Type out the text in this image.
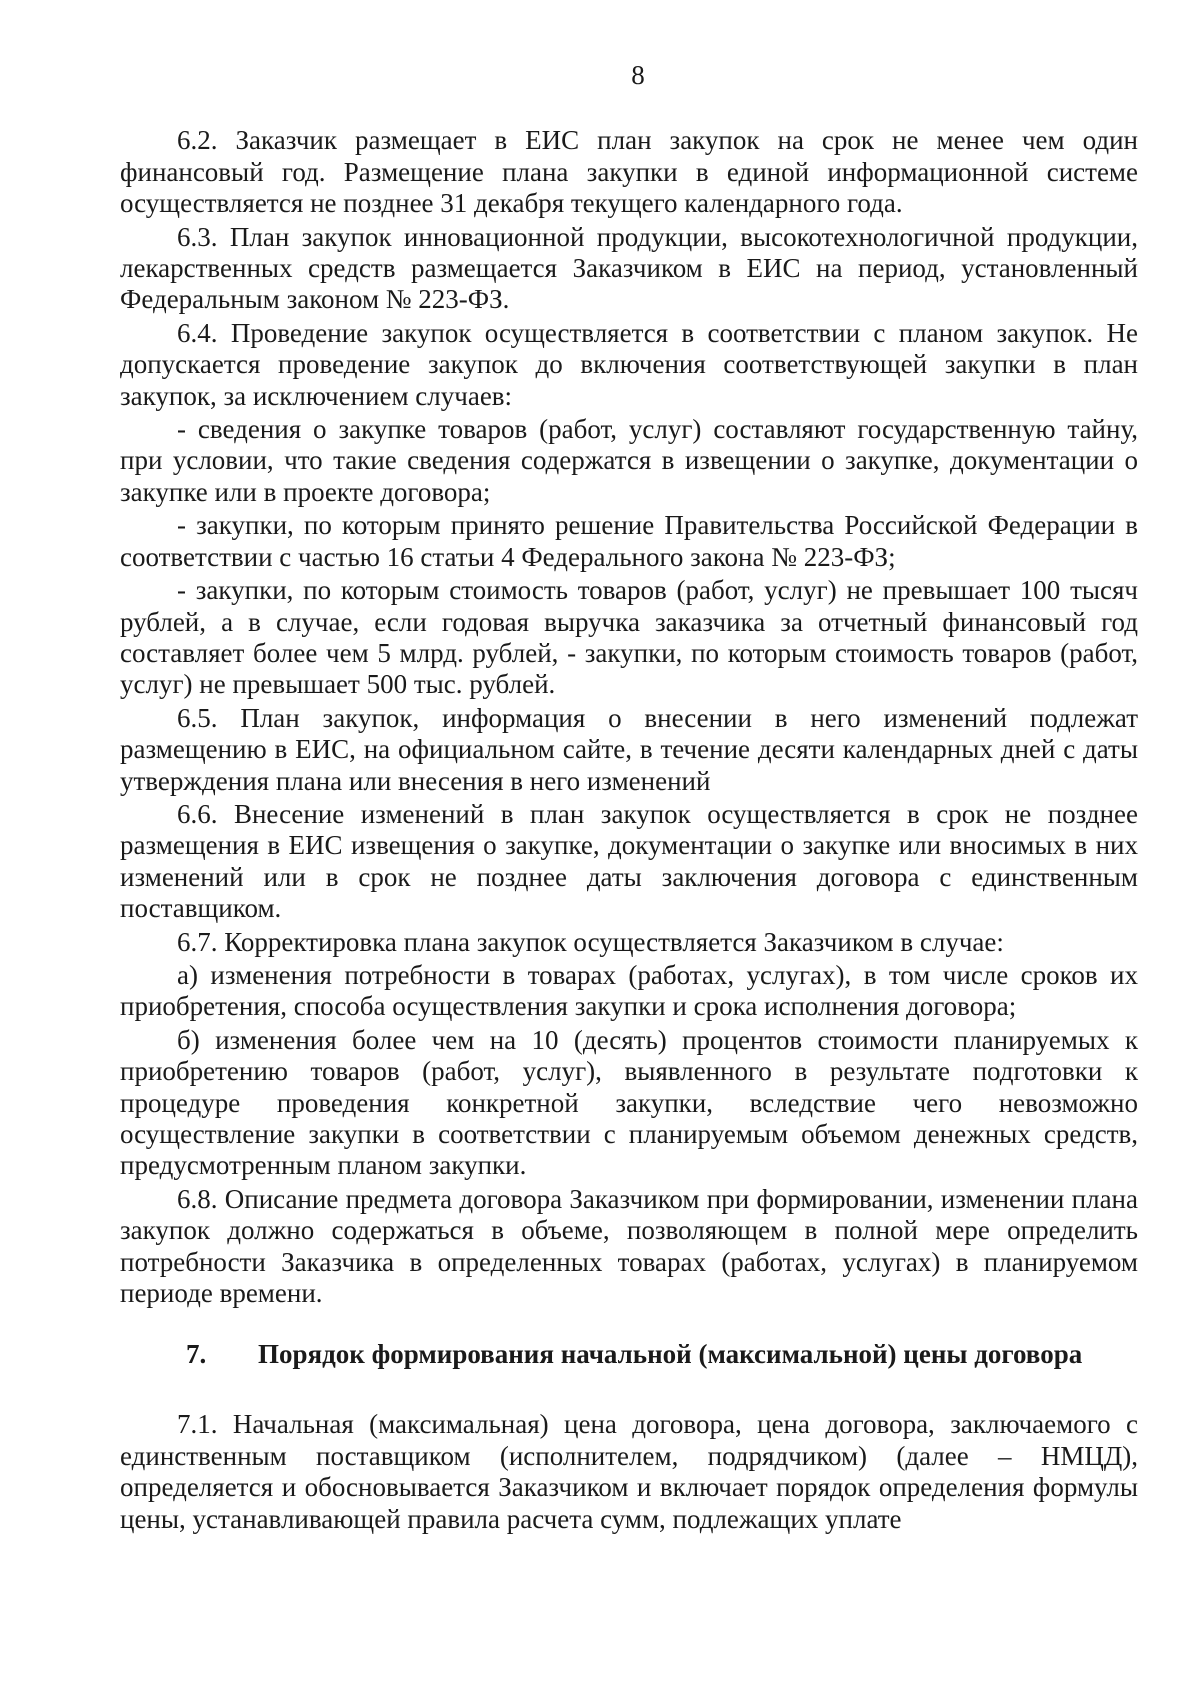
8

6.2. Заказчик размещает в ЕИС план закупок на срок не менее чем один финансовый год. Размещение плана закупки в единой информационной системе осуществляется не позднее 31 декабря текущего календарного года.

6.3. План закупок инновационной продукции, высокотехнологичной продукции, лекарственных средств размещается Заказчиком в ЕИС на период, установленный Федеральным законом № 223-ФЗ.

6.4. Проведение закупок осуществляется в соответствии с планом закупок. Не допускается проведение закупок до включения соответствующей закупки в план закупок, за исключением случаев:

- сведения о закупке товаров (работ, услуг) составляют государственную тайну, при условии, что такие сведения содержатся в извещении о закупке, документации о закупке или в проекте договора;

- закупки, по которым принято решение Правительства Российской Федерации в соответствии с частью 16 статьи 4 Федерального закона № 223-ФЗ;

- закупки, по которым стоимость товаров (работ, услуг) не превышает 100 тысяч рублей, а в случае, если годовая выручка заказчика за отчетный финансовый год составляет более чем 5 млрд. рублей, - закупки, по которым стоимость товаров (работ, услуг) не превышает 500 тыс. рублей.

6.5. План закупок, информация о внесении в него изменений подлежат размещению в ЕИС, на официальном сайте, в течение десяти календарных дней с даты утверждения плана или внесения в него изменений

6.6. Внесение изменений в план закупок осуществляется в срок не позднее размещения в ЕИС извещения о закупке, документации о закупке или вносимых в них изменений или в срок не позднее даты заключения договора с единственным поставщиком.

6.7. Корректировка плана закупок осуществляется Заказчиком в случае:

а) изменения потребности в товарах (работах, услугах), в том числе сроков их приобретения, способа осуществления закупки и срока исполнения договора;

б) изменения более чем на 10 (десять) процентов стоимости планируемых к приобретению товаров (работ, услуг), выявленного в результате подготовки к процедуре проведения конкретной закупки, вследствие чего невозможно осуществление закупки в соответствии с планируемым объемом денежных средств, предусмотренным планом закупки.

6.8. Описание предмета договора Заказчиком при формировании, изменении плана закупок должно содержаться в объеме, позволяющем в полной мере определить потребности Заказчика в определенных товарах (работах, услугах) в планируемом периоде времени.

7. Порядок формирования начальной (максимальной) цены договора

7.1. Начальная (максимальная) цена договора, цена договора, заключаемого с единственным поставщиком (исполнителем, подрядчиком) (далее – НМЦД), определяется и обосновывается Заказчиком и включает порядок определения формулы цены, устанавливающей правила расчета сумм, подлежащих уплате
